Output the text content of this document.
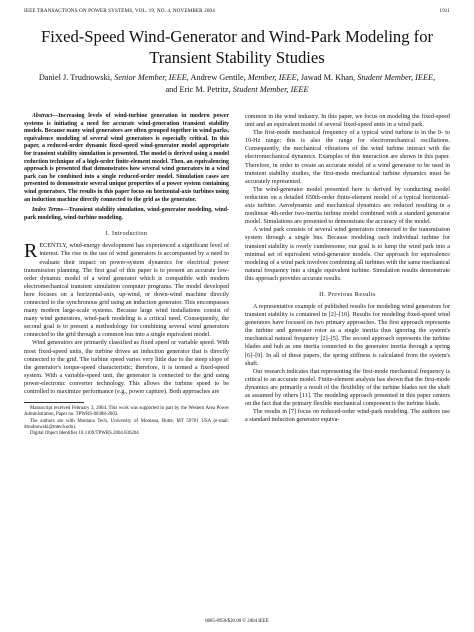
IEEE TRANSACTIONS ON POWER SYSTEMS, VOL. 19, NO. 4, NOVEMBER 2004	1911
Fixed-Speed Wind-Generator and Wind-Park Modeling for Transient Stability Studies
Daniel J. Trudnowski, Senior Member, IEEE, Andrew Gentile, Member, IEEE, Jawad M. Khan, Student Member, IEEE,
and Eric M. Petritz, Student Member, IEEE

Abstract—Increasing levels of wind-turbine generation in modern power systems is initiating a need for accurate wind-generation transient stability models. Because many wind generators are often grouped together in wind parks, equivalence modeling of several wind generators is especially critical. In this paper, a reduced-order dynamic fixed-speed wind-generator model appropriate for transient stability simulation is presented. The model is derived using a model reduction technique of a high-order finite-element model. Then, an equivalencing approach is presented that demonstrates how several wind generators in a wind park can be combined into a single reduced-order model. Simulation cases are presented to demonstrate several unique properties of a power system containing wind generators. The results in this paper focus on horizontal-axis turbines using an induction machine directly connected to the grid as the generator.

Index Terms—Transient stability simulation, wind-generator modeling, wind-park modeling, wind-turbine modeling.

I. Introduction

RECENTLY, wind-energy development has experienced a significant level of interest. The rise in the use of wind generators is accompanied by a need to evaluate their impact on power-system dynamics for electrical power transmission planning. The first goal of this paper is to present an accurate low-order dynamic model of a wind generator which is compatible with modern electromechanical transient simulation computer programs. The model developed here focuses on a horizontal-axis, up-wind, or down-wind machine directly connected to the synchronous grid using an induction generator. This encompasses many modern large-scale systems. Because large wind installations consist of many wind generators, wind-park modeling is a critical need. Consequently, the second goal is to present a methodology for combining several wind generators connected to the grid through a common bus into a single equivalent model.

Wind generators are primarily classified as fixed speed or variable speed. With most fixed-speed units, the turbine drives an induction generator that is directly connected to the grid. The turbine speed varies very little due to the steep slope of the generator's torque-speed characteristic; therefore, it is termed a fixed-speed system. With a variable-speed unit, the generator is connected to the grid using power-electronic converter technology. This allows the turbine speed to be controlled to maximize performance (e.g., power capture). Both approaches are

Manuscript received February 3, 2004. This work was supported in part by the Western Area Power Administration, Paper no. TPWRS-00388-2003.

The authors are with Montana Tech, University of Montana, Butte, MT 59701 USA (e-mail: dtrudnowski@mtech.edu).

Digital Object Identifier 10.1109/TPWRS.2004.836204

common in the wind industry. In this paper, we focus on modeling the fixed-speed unit and an equivalent model of several fixed-speed units in a wind park.

The first-mode mechanical frequency of a typical wind turbine is in the 0- to 10-Hz range; this is also the range for electromechanical oscillations. Consequently, the mechanical vibrations of the wind turbine interact with the electromechanical dynamics. Examples of this interaction are shown in this paper. Therefore, in order to create an accurate model of a wind generator to be used in transient stability studies, the first-mode mechanical turbine dynamics must be accurately represented.

The wind-generator model presented here is derived by conducting model reduction on a detailed 650th-order finite-element model of a typical horizontal-axis turbine. Aerodynamic and mechanical dynamics are reduced resulting in a nonlinear 4th-order two-inertia turbine model combined with a standard generator model. Simulations are presented to demonstrate the accuracy of the model.

A wind park consists of several wind generators connected to the transmission system through a single bus. Because modeling each individual turbine for transient stability is overly cumbersome, our goal is to lump the wind park into a minimal set of equivalent wind-generator models. Our approach for equivalence modeling of a wind park involves combining all turbines with the same mechanical natural frequency into a single equivalent turbine. Simulation results demonstrate this approach provides accurate results.

II. Previous Results

A representative example of published results for modeling wind generators for transient stability is contained in [2]–[10]. Results for modeling fixed-speed wind generators have focused on two primary approaches. The first approach represents the turbine and generator rotor as a single inertia thus ignoring the system's mechanical natural frequency [2]–[5]. The second approach represents the turbine blades and hub as one inertia connected to the generator inertia through a spring [6]–[9]. In all of these papers, the spring stiffness is calculated from the system's shaft.

Our research indicates that representing the first-mode mechanical frequency is critical to an accurate model. Finite-element analysis has shown that the first-mode dynamics are primarily a result of the flexibility of the turbine blades not the shaft as assumed by others [11]. The modeling approach presented in this paper centers on the fact that the primary flexible mechanical component is the turbine blade.

The results in [7] focus on reduced-order wind-park modeling. The authors use a standard induction generator equiva-

0885-8950/$20.00 © 2004 IEEE
